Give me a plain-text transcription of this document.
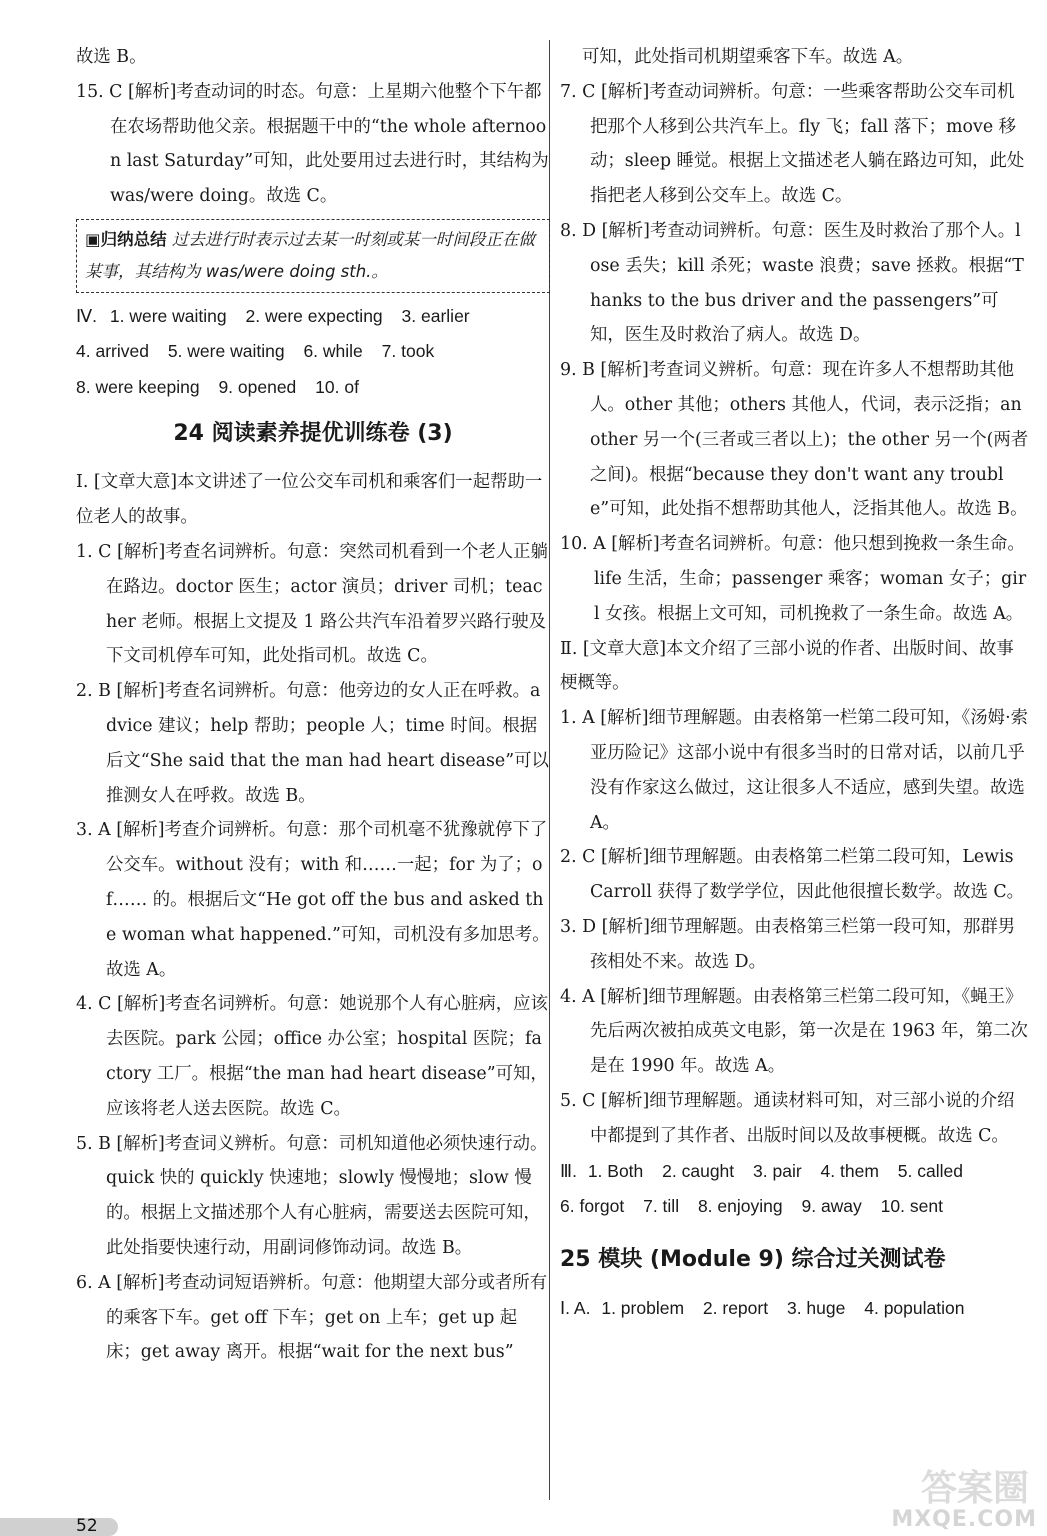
故选 B。

15. C [解析]考查动词的时态。句意：上星期六他整个下午都在农场帮助他父亲。根据题干中的“the whole afternoon last Saturday”可知，此处要用过去进行时，其结构为 was/were doing。故选 C。

▣归纳总结 过去进行时表示过去某一时刻或某一时间段正在做某事，其结构为 was/were doing sth.。
Ⅳ. 1. were waiting 2. were expecting 3. earlier
4. arrived 5. were waiting 6. while 7. took
8. were keeping 9. opened 10. of
24 阅读素养提优训练卷 (3)

Ⅰ. [文章大意]本文讲述了一位公交车司机和乘客们一起帮助一位老人的故事。

1. C [解析]考查名词辨析。句意：突然司机看到一个老人正躺在路边。doctor 医生；actor 演员；driver 司机；teacher 老师。根据上文提及 1 路公共汽车沿着罗兴路行驶及下文司机停车可知，此处指司机。故选 C。

2. B [解析]考查名词辨析。句意：他旁边的女人正在呼救。advice 建议；help 帮助；people 人；time 时间。根据后文“She said that the man had heart disease”可以推测女人在呼救。故选 B。

3. A [解析]考查介词辨析。句意：那个司机毫不犹豫就停下了公交车。without 没有；with 和……一起；for 为了；of…… 的。根据后文“He got off the bus and asked the woman what happened.”可知，司机没有多加思考。故选 A。

4. C [解析]考查名词辨析。句意：她说那个人有心脏病，应该去医院。park 公园；office 办公室；hospital 医院；factory 工厂。根据“the man had heart disease”可知，应该将老人送去医院。故选 C。

5. B [解析]考查词义辨析。句意：司机知道他必须快速行动。quick 快的 quickly 快速地；slowly 慢慢地；slow 慢的。根据上文描述那个人有心脏病，需要送去医院可知，此处指要快速行动，用副词修饰动词。故选 B。

6. A [解析]考查动词短语辨析。句意：他期望大部分或者所有的乘客下车。get off 下车；get on 上车；get up 起床；get away 离开。根据“wait for the next bus”

可知，此处指司机期望乘客下车。故选 A。

7. C [解析]考查动词辨析。句意：一些乘客帮助公交车司机把那个人移到公共汽车上。fly 飞；fall 落下；move 移动；sleep 睡觉。根据上文描述老人躺在路边可知，此处指把老人移到公交车上。故选 C。

8. D [解析]考查动词辨析。句意：医生及时救治了那个人。lose 丢失；kill 杀死；waste 浪费；save 拯救。根据“Thanks to the bus driver and the passengers”可知，医生及时救治了病人。故选 D。

9. B [解析]考查词义辨析。句意：现在许多人不想帮助其他人。other 其他；others 其他人，代词，表示泛指；another 另一个(三者或三者以上)；the other 另一个(两者之间)。根据“because they don't want any trouble”可知，此处指不想帮助其他人，泛指其他人。故选 B。

10. A [解析]考查名词辨析。句意：他只想到挽救一条生命。life 生活，生命；passenger 乘客；woman 女子；girl 女孩。根据上文可知，司机挽救了一条生命。故选 A。

Ⅱ. [文章大意]本文介绍了三部小说的作者、出版时间、故事梗概等。

1. A [解析]细节理解题。由表格第一栏第二段可知，《汤姆·索亚历险记》这部小说中有很多当时的日常对话，以前几乎没有作家这么做过，这让很多人不适应，感到失望。故选 A。

2. C [解析]细节理解题。由表格第二栏第二段可知，Lewis Carroll 获得了数学学位，因此他很擅长数学。故选 C。

3. D [解析]细节理解题。由表格第三栏第一段可知，那群男孩相处不来。故选 D。

4. A [解析]细节理解题。由表格第三栏第二段可知，《蝇王》先后两次被拍成英文电影，第一次是在 1963 年，第二次是在 1990 年。故选 A。

5. C [解析]细节理解题。通读材料可知，对三部小说的介绍中都提到了其作者、出版时间以及故事梗概。故选 C。

Ⅲ. 1. Both 2. caught 3. pair 4. them 5. called
6. forgot 7. till 8. enjoying 9. away 10. sent
25 模块 (Module 9) 综合过关测试卷
Ⅰ. A. 1. problem 2. report 3. huge 4. population
52
答案圈
MXQE.COM
